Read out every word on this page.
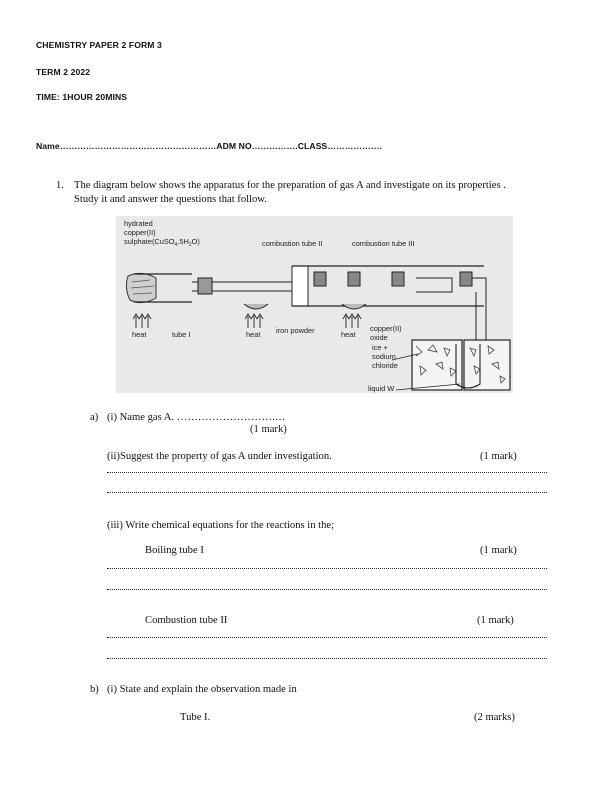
CHEMISTRY PAPER 2 FORM 3
TERM 2 2022
TIME: 1HOUR 20MINS
Name………………………………………………ADM NO…………….CLASS……………….
1. The diagram below shows the apparatus for the preparation of gas A and investigate on its properties .
Study it and answer the questions that follow.
hydrated
copper(II)
$sulphate(CuSO_4.5H_2O)$	combustion tube II	combustion tube III
heat	tube I	heat iron powder	heat
copper(II)
oxide
ice +
sodium
chloride
liquid W
a) (i) Name gas A. ……………………….…
(1 mark)
(ii)Suggest the property of gas A under investigation.	(1 mark)
(iii) Write chemical equations for the reactions in the;
Boiling tube I	(1 mark)
Combustion tube II	(1 mark)
b) (i) State and explain the observation made in
Tube I.	(2 marks)
